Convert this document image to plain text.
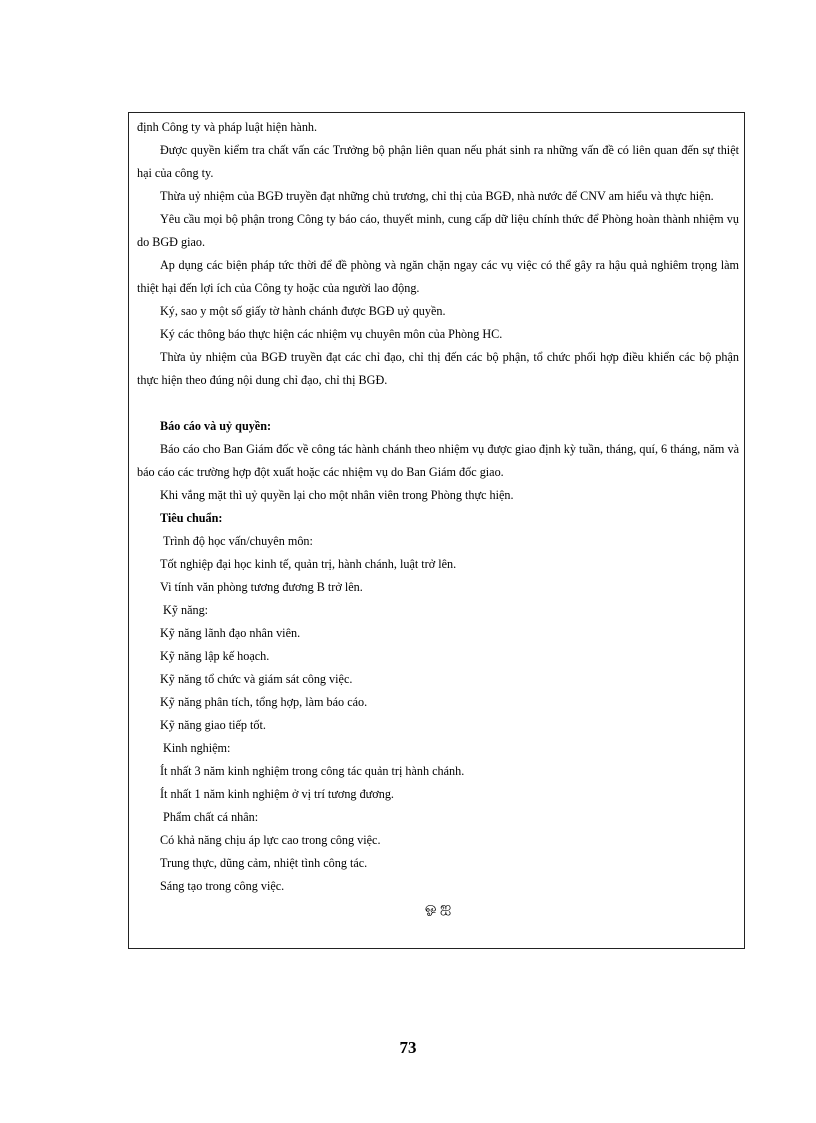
định Công ty và pháp luật hiện hành.

Được quyền kiểm tra chất vấn các Trưởng bộ phận liên quan nếu phát sinh ra những vấn đề có liên quan đến sự thiệt hại của công ty.

Thừa uỷ nhiệm của BGĐ truyền đạt những chủ trương, chỉ thị của BGĐ, nhà nước để CNV am hiểu và thực hiện.

Yêu cầu mọi bộ phận trong Công ty báo cáo, thuyết minh, cung cấp dữ liệu chính thức để Phòng hoàn thành nhiệm vụ do BGĐ giao.

Ap dụng các biện pháp tức thời để đề phòng và ngăn chặn ngay các vụ việc có thể gây ra hậu quả nghiêm trọng làm thiệt hại đến lợi ích của Công ty hoặc của người lao động.

Ký, sao y một số giấy tờ hành chánh được BGĐ uỷ quyền.

Ký các thông báo thực hiện các nhiệm vụ chuyên môn của Phòng HC.

Thừa ủy nhiệm của BGĐ truyền đạt các chỉ đạo, chỉ thị đến các bộ phận, tổ chức phối hợp điều khiển các bộ phận thực hiện theo đúng nội dung chỉ đạo, chỉ thị BGĐ.

Báo cáo và uỷ quyền:

Báo cáo cho Ban Giám đốc về công tác hành chánh theo nhiệm vụ được giao định kỳ tuần, tháng, quí, 6 tháng, năm và báo cáo các trường hợp đột xuất hoặc các nhiệm vụ do Ban Giám đốc giao.

Khi vắng mặt thì uỷ quyền lại cho một nhân viên trong Phòng thực hiện.

Tiêu chuẩn:

Trình độ học vấn/chuyên môn:

Tốt nghiệp đại học kinh tế, quản trị, hành chánh, luật trở lên.

Vi tính văn phòng tương đương B trở lên.

Kỹ năng:

Kỹ năng lãnh đạo nhân viên.

Kỹ năng lập kế hoạch.

Kỹ năng tổ chức và giám sát công việc.

Kỹ năng phân tích, tổng hợp, làm báo cáo.

Kỹ năng giao tiếp tốt.

Kinh nghiệm:

Ít nhất 3 năm kinh nghiệm trong công tác quản trị hành chánh.

Ít nhất 1 năm kinh nghiệm ở vị trí tương đương.

Phẩm chất cá nhân:

Có khả năng chịu áp lực cao trong công việc.

Trung thực, dũng cảm, nhiệt tình công tác.

Sáng tạo trong công việc.

ஓ ஐ
73
